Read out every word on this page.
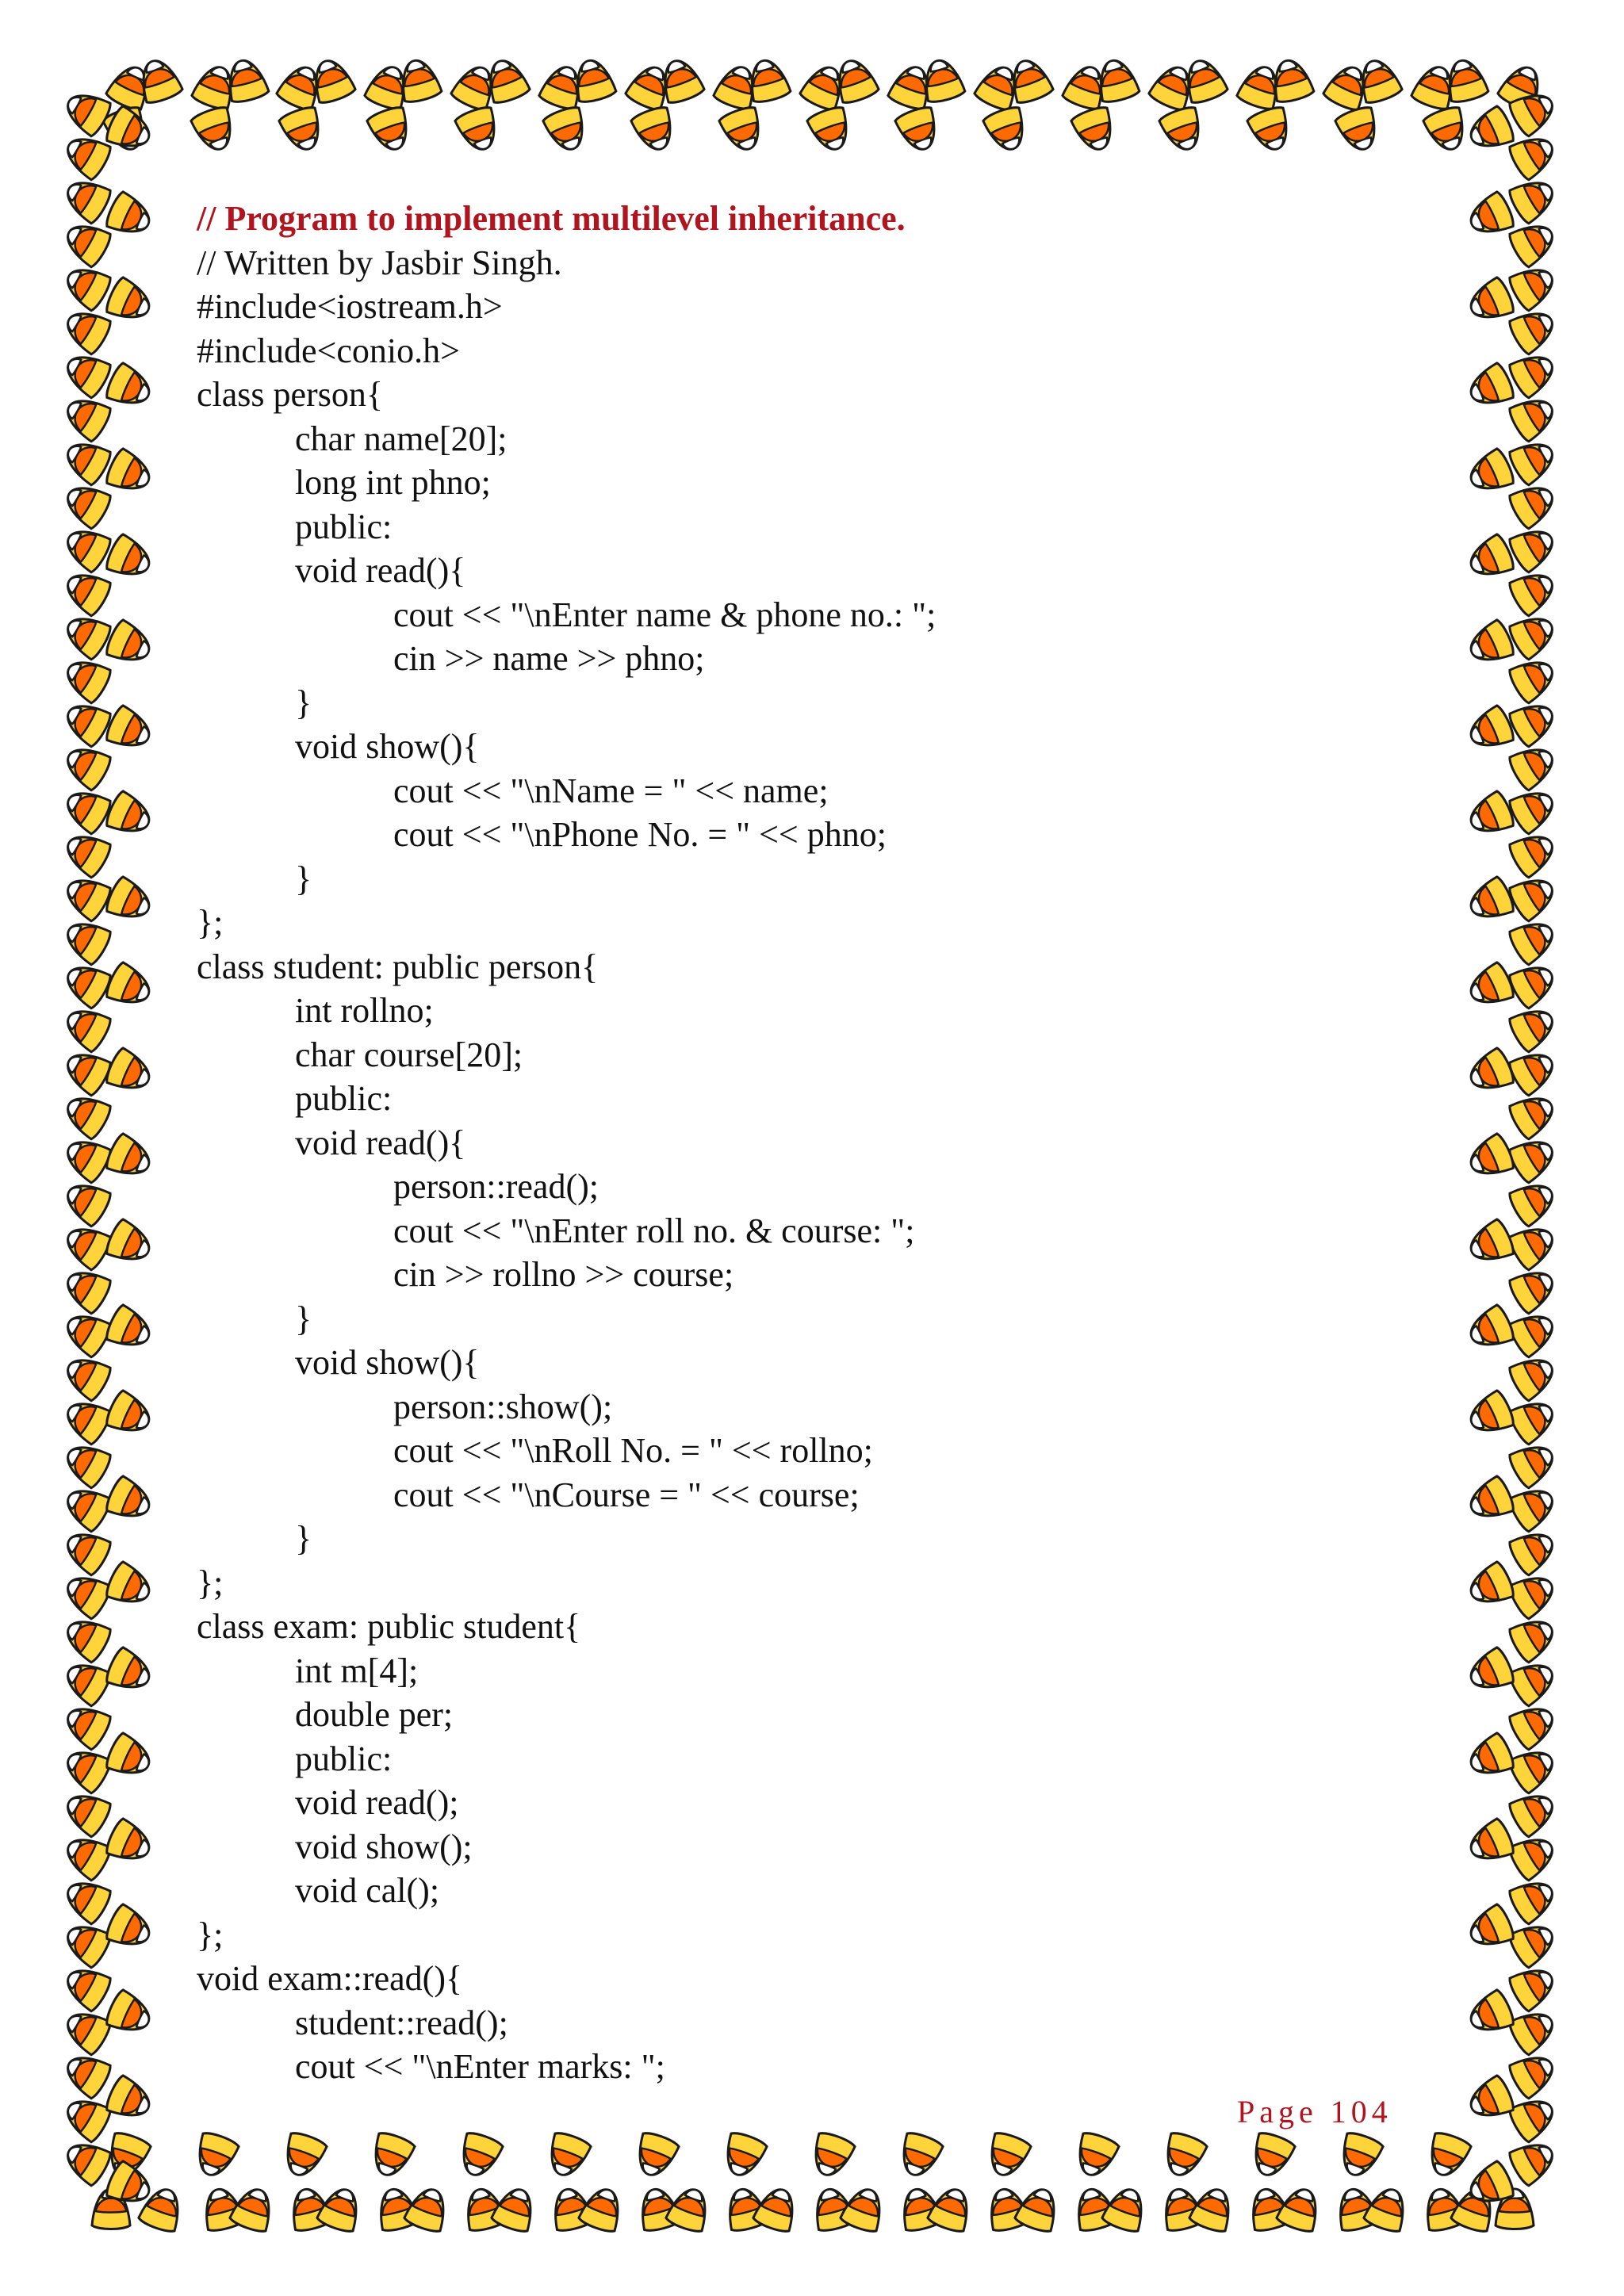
// Program to implement multilevel inheritance.
// Written by Jasbir Singh.
#include<iostream.h>
#include<conio.h>
class person{
char name[20];
long int phno;
public:
void read(){
cout << "\nEnter name & phone no.: ";
cin >> name >> phno;
}
void show(){
cout << "\nName = " << name;
cout << "\nPhone No. = " << phno;
}
};
class student: public person{
int rollno;
char course[20];
public:
void read(){
person::read();
cout << "\nEnter roll no. & course: ";
cin >> rollno >> course;
}
void show(){
person::show();
cout << "\nRoll No. = " << rollno;
cout << "\nCourse = " << course;
}
};
class exam: public student{
int m[4];
double per;
public:
void read();
void show();
void cal();
};
void exam::read(){
student::read();
cout << "\nEnter marks: ";
Page 104
